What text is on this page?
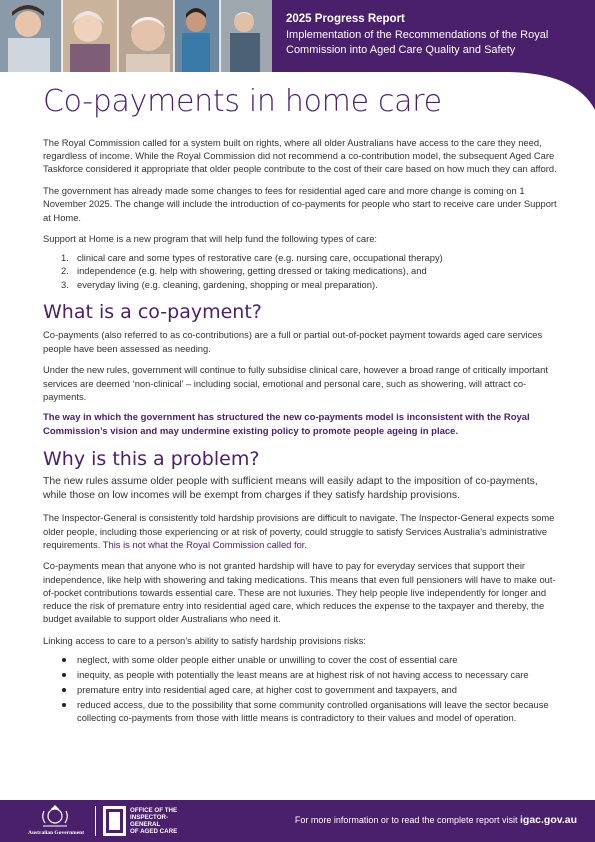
2025 Progress Report
Implementation of the Recommendations of the Royal Commission into Aged Care Quality and Safety
Co-payments in home care

The Royal Commission called for a system built on rights, where all older Australians have access to the care they need, regardless of income. While the Royal Commission did not recommend a co-contribution model, the subsequent Aged Care Taskforce considered it appropriate that older people contribute to the cost of their care based on how much they can afford.

The government has already made some changes to fees for residential aged care and more change is coming on 1 November 2025. The change will include the introduction of co-payments for people who start to receive care under Support at Home.

Support at Home is a new program that will help fund the following types of care:

1. clinical care and some types of restorative care (e.g. nursing care, occupational therapy)
2. independence (e.g. help with showering, getting dressed or taking medications), and
3. everyday living (e.g. cleaning, gardening, shopping or meal preparation).
What is a co-payment?

Co-payments (also referred to as co-contributions) are a full or partial out-of-pocket payment towards aged care services people have been assessed as needing.

Under the new rules, government will continue to fully subsidise clinical care, however a broad range of critically important services are deemed ‘non-clinical’ – including social, emotional and personal care, such as showering, will attract co-payments.

The way in which the government has structured the new co-payments model is inconsistent with the Royal Commission’s vision and may undermine existing policy to promote people ageing in place.

Why is this a problem?

The new rules assume older people with sufficient means will easily adapt to the imposition of co-payments, while those on low incomes will be exempt from charges if they satisfy hardship provisions.

The Inspector-General is consistently told hardship provisions are difficult to navigate. The Inspector-General expects some older people, including those experiencing or at risk of poverty, could struggle to satisfy Services Australia’s administrative requirements. This is not what the Royal Commission called for.

Co-payments mean that anyone who is not granted hardship will have to pay for everyday services that support their independence, like help with showering and taking medications. This means that even full pensioners will have to make out-of-pocket contributions towards essential care. These are not luxuries. They help people live independently for longer and reduce the risk of premature entry into residential aged care, which reduces the expense to the taxpayer and thereby, the budget available to support older Australians who need it.

Linking access to care to a person’s ability to satisfy hardship provisions risks:

neglect, with some older people either unable or unwilling to cover the cost of essential care
inequity, as people with potentially the least means are at highest risk of not having access to necessary care
premature entry into residential aged care, at higher cost to government and taxpayers, and
reduced access, due to the possibility that some community controlled organisations will leave the sector because collecting co-payments from those with little means is contradictory to their values and model of operation.
Australian Government
OFFICE OF THE
INSPECTOR-
GENERAL
OF AGED CARE
For more information or to read the complete report visit igac.gov.au
